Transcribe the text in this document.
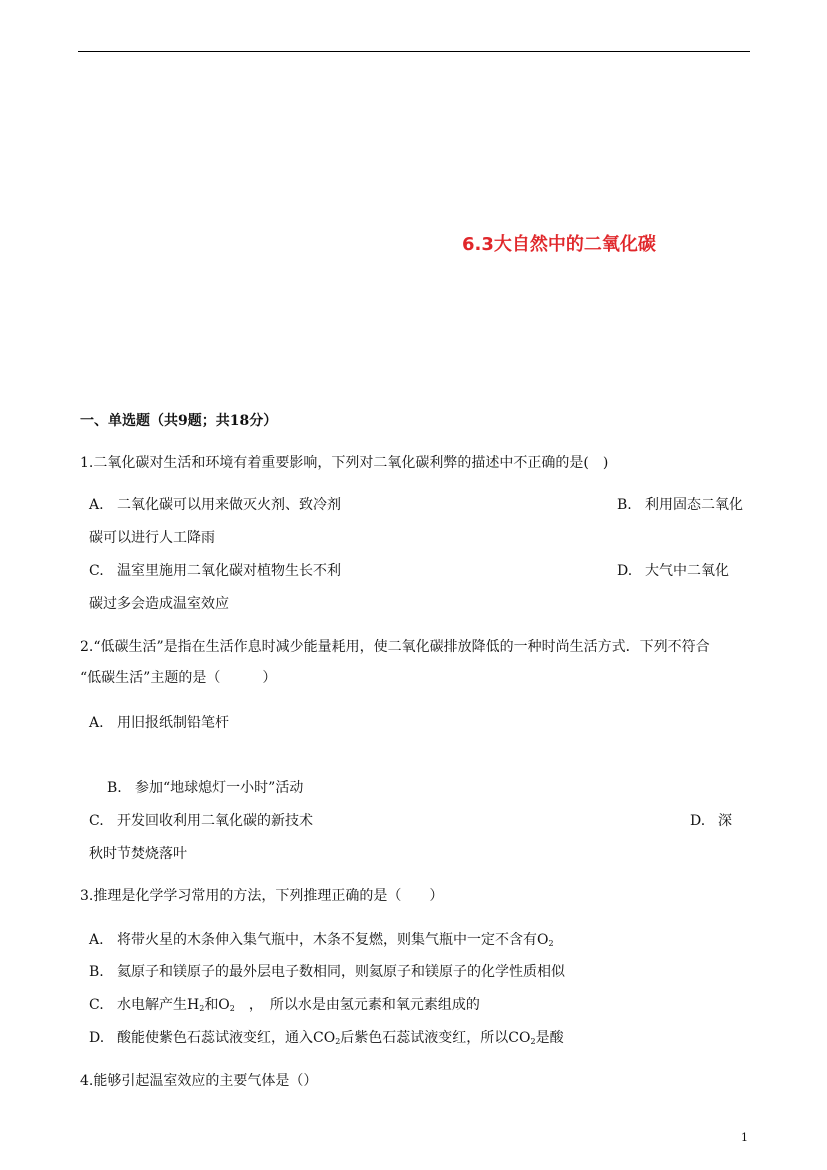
6.3大自然中的二氧化碳
一、单选题（共9题；共18分）
1.二氧化碳对生活和环境有着重要影响，下列对二氧化碳利弊的描述中不正确的是(　)
A. 二氧化碳可以用来做灭火剂、致冷剂	B. 利用固态二氧化
碳可以进行人工降雨
C. 温室里施用二氧化碳对植物生长不利	D. 大气中二氧化
碳过多会造成温室效应
2.“低碳生活”是指在生活作息时减少能量耗用，使二氧化碳排放降低的一种时尚生活方式．下列不符合
“低碳生活”主题的是（　　　）
A. 用旧报纸制铅笔杆
B. 参加“地球熄灯一小时”活动
C. 开发回收利用二氧化碳的新技术	D. 深
秋时节焚烧落叶
3.推理是化学学习常用的方法，下列推理正确的是（　　）
A. 将带火星的木条伸入集气瓶中，木条不复燃，则集气瓶中一定不含有$O_2$
B. 氦原子和镁原子的最外层电子数相同，则氦原子和镁原子的化学性质相似
C. 水电解产生$H_2$和$O_2$　，　所以水是由氢元素和氧元素组成的
D. 酸能使紫色石蕊试液变红，通入$CO_2$后紫色石蕊试液变红，所以$CO_2$是酸
4.能够引起温室效应的主要气体是（）
1
